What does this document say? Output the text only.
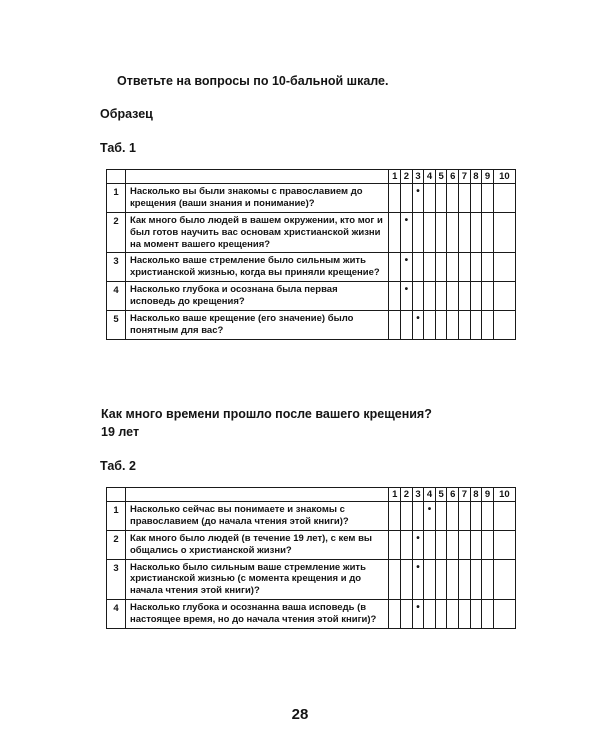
Ответьте на вопросы по 10-бальной шкале.
Образец
Таб. 1
		1	2	3	4	5	6	7	8	9	10
1	Насколько вы были знакомы с православием до крещения (ваши знания и понимание)?			•							

2	Как много было людей в вашем окружении, кто мог и был готов научить вас основам христианской жизни на момент вашего крещения?		•								

3	Насколько ваше стремление было сильным жить христианской жизнью, когда вы приняли крещение?		•								

4	Насколько глубока и осознана была первая исповедь до крещения?		•								

5	Насколько ваше крещение (его значение) было понятным для вас?			•							

Как много времени прошло после вашего крещения?
19 лет
Таб. 2
		1	2	3	4	5	6	7	8	9	10
1	Насколько сейчас вы понимаете и знакомы с православием (до начала чтения этой книги)?				•						

2	Как много было людей (в течение 19 лет), с кем вы общались о христианской жизни?			•							

3	Насколько было сильным ваше стремление жить христианской жизнью (с момента крещения и до начала чтения этой книги)?			•							

4	Насколько глубока и осознанна ваша исповедь (в настоящее время, но до начала чтения этой книги)?			•							

28
